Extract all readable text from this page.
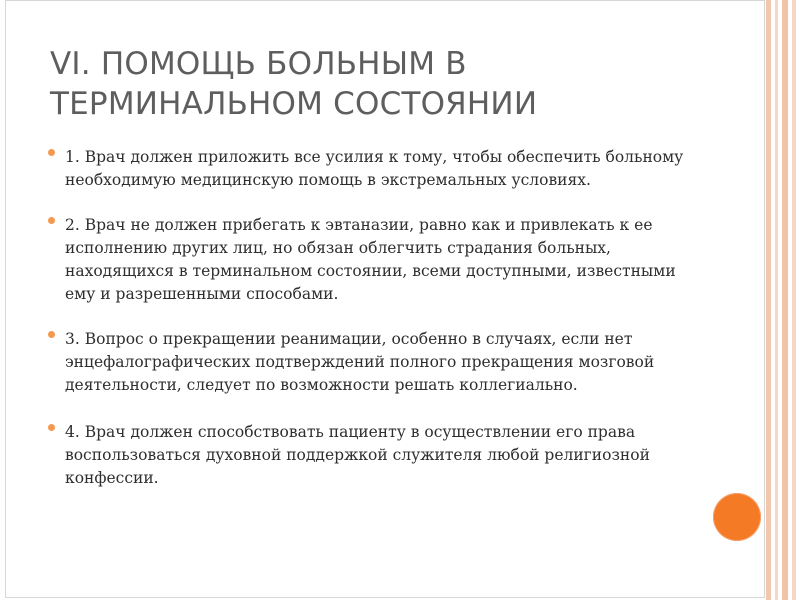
VI. ПОМОЩЬ БОЛЬНЫМ В ТЕРМИНАЛЬНОМ СОСТОЯНИИ
1. Врач должен приложить все усилия к тому, чтобы обеспечить больному необходимую медицинскую помощь в экстремальных условиях.
2. Врач не должен прибегать к эвтаназии, равно как и привлекать к ее исполнению других лиц, но обязан облегчить страдания больных, находящихся в терминальном состоянии, всеми доступными, известными ему и разрешенными способами.
3. Вопрос о прекращении реанимации, особенно в случаях, если нет энцефалографических подтверждений полного прекращения мозговой деятельности, следует по возможности решать коллегиально.
4. Врач должен способствовать пациенту в осуществлении его права воспользоваться духовной поддержкой служителя любой религиозной конфессии.
